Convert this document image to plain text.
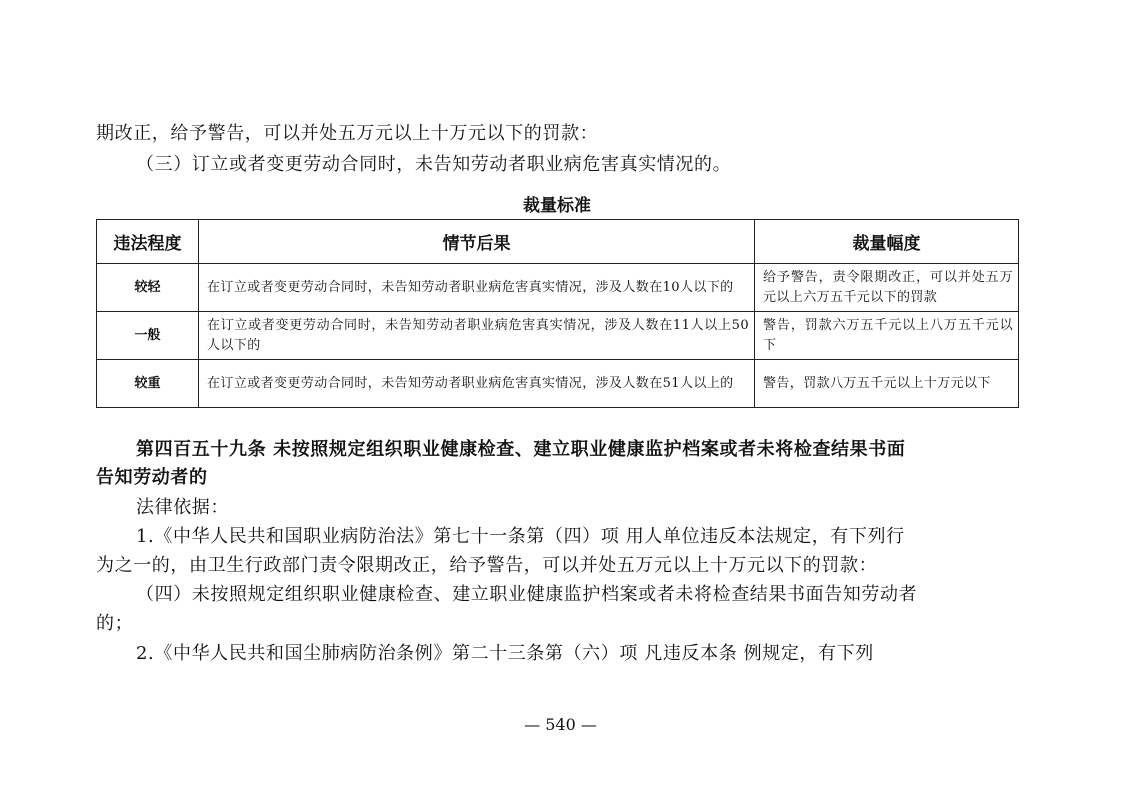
期改正，给予警告，可以并处五万元以上十万元以下的罚款：
（三）订立或者变更劳动合同时，未告知劳动者职业病危害真实情况的。
裁量标准
违法程度	情节后果	裁量幅度
较轻	在订立或者变更劳动合同时，未告知劳动者职业病危害真实情况，涉及人数在10人以下的	给予警告，责令限期改正，可以并处五万元以上六万五千元以下的罚款
一般	在订立或者变更劳动合同时，未告知劳动者职业病危害真实情况，涉及人数在11人以上50人以下的	警告，罚款六万五千元以上八万五千元以下
较重	在订立或者变更劳动合同时，未告知劳动者职业病危害真实情况，涉及人数在51人以上的	警告，罚款八万五千元以上十万元以下
第四百五十九条 未按照规定组织职业健康检查、建立职业健康监护档案或者未将检查结果书面
告知劳动者的
法律依据：
1.《中华人民共和国职业病防治法》第七十一条第（四）项 用人单位违反本法规定，有下列行
为之一的，由卫生行政部门责令限期改正，给予警告，可以并处五万元以上十万元以下的罚款：
（四）未按照规定组织职业健康检查、建立职业健康监护档案或者未将检查结果书面告知劳动者
的；
2.《中华人民共和国尘肺病防治条例》第二十三条第（六）项 凡违反本条 例规定，有下列
— 540 —
